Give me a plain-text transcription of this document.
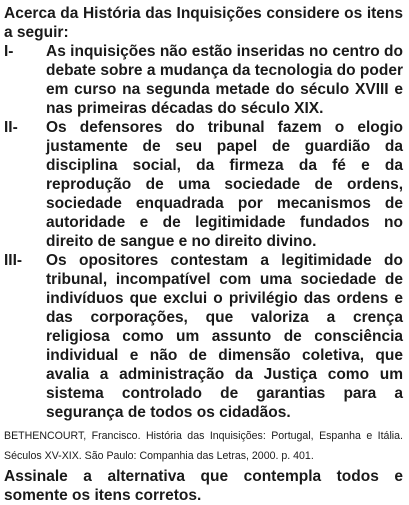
Acerca da História das Inquisições considere os itens a seguir:

I-	As inquisições não estão inseridas no centro do debate sobre a mudança da tecnologia do poder em curso na segunda metade do século XVIII e nas primeiras décadas do século XIX.

II-	Os defensores do tribunal fazem o elogio justamente de seu papel de guardião da disciplina social, da firmeza da fé e da reprodução de uma sociedade de ordens, sociedade enquadrada por mecanismos de autoridade e de legitimidade fundados no direito de sangue e no direito divino.

III-	Os opositores contestam a legitimidade do tribunal, incompatível com uma sociedade de indivíduos que exclui o privilégio das ordens e das corporações, que valoriza a crença religiosa como um assunto de consciência individual e não de dimensão coletiva, que avalia a administração da Justiça como um sistema controlado de garantias para a segurança de todos os cidadãos.

BETHENCOURT, Francisco. História das Inquisições: Portugal, Espanha e Itália. Séculos XV-XIX. São Paulo: Companhia das Letras, 2000. p. 401.

Assinale a alternativa que contempla todos e somente os itens corretos.
